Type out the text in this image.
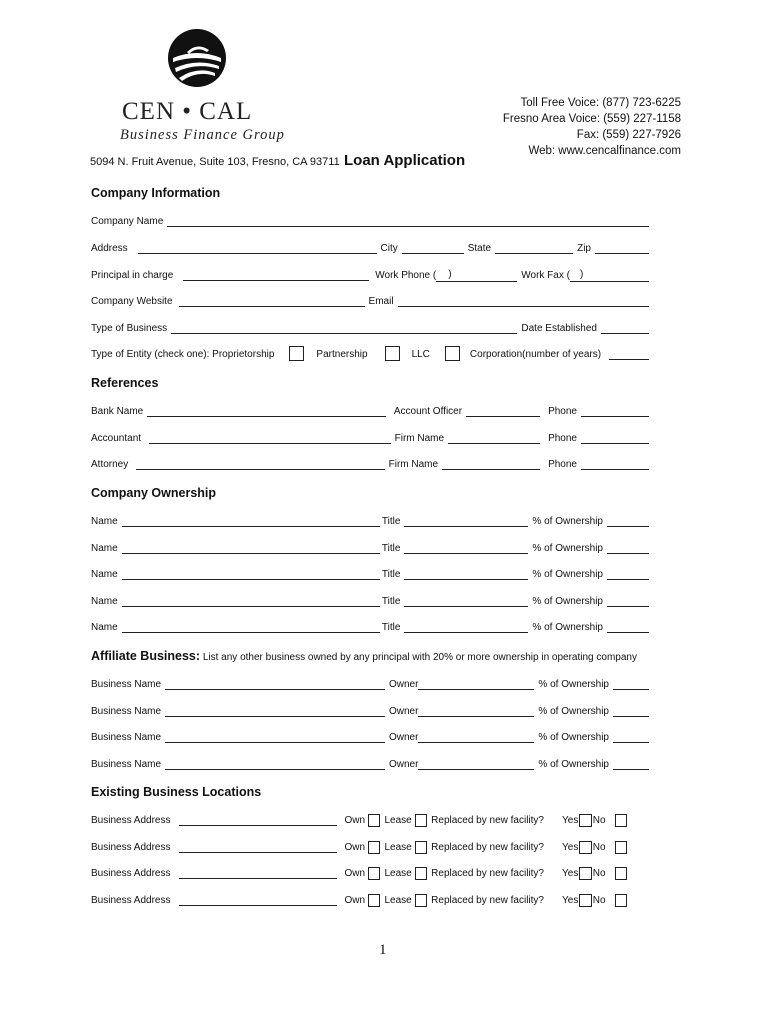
CEN • CAL
Business Finance Group
Toll Free Voice: (877) 723-6225
Fresno Area Voice: (559) 227-1158
Fax: (559) 227-7926
Web: www.cencalfinance.com
5094 N. Fruit Avenue, Suite 103, Fresno, CA 93711 Loan Application
Company Information
Company Name
Address	City	State	Zip
Principal in charge	Work Phone ( )	Work Fax ( )
Company Website	Email
Type of Business	Date Established
Type of Entity (check one): Proprietorship	Partnership	LLC	Corporation(number of years)
References
Bank Name	Account Officer	Phone
Accountant	Firm Name	Phone
Attorney	Firm Name	Phone
Company Ownership
Name	Title	% of Ownership
Name	Title	% of Ownership
Name	Title	% of Ownership
Name	Title	% of Ownership
Name	Title	% of Ownership
Affiliate Business: List any other business owned by any principal with 20% or more ownership in operating company
Business Name	Owner	% of Ownership
Business Name	Owner	% of Ownership
Business Name	Owner	% of Ownership
Business Name	Owner	% of Ownership
Existing Business Locations
Business Address	Own Lease Replaced by new facility?	Yes No
Business Address	Own Lease Replaced by new facility?	Yes No
Business Address	Own Lease Replaced by new facility?	Yes No
Business Address	Own Lease Replaced by new facility?	Yes No
1
